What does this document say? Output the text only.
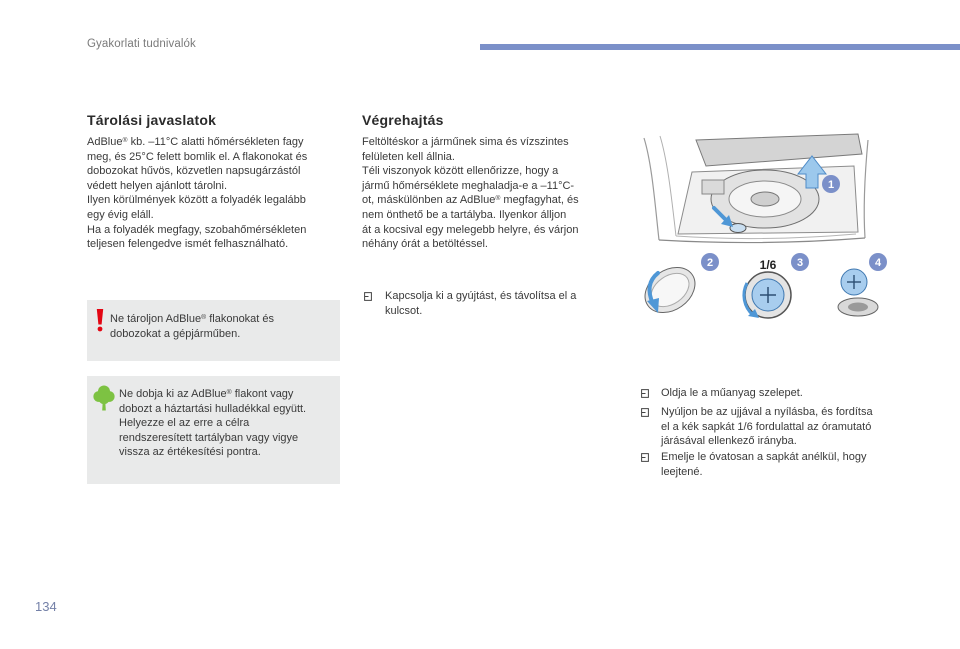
Gyakorlati tudnivalók
Tárolási javaslatok
AdBlue® kb. –11°C alatti hőmérsékleten fagy
meg, és 25°C felett bomlik el. A flakonokat és
dobozokat hűvös, közvetlen napsugárzástól
védett helyen ajánlott tárolni.
Ilyen körülmények között a folyadék legalább
egy évig eláll.
Ha a folyadék megfagy, szobahőmérsékleten
teljesen felengedve ismét felhasználható.
Ne tároljon AdBlue® flakonokat és
dobozokat a gépjárműben.
Ne dobja ki az AdBlue® flakont vagy
dobozt a háztartási hulladékkal együtt.
Helyezze el az erre a célra
rendszeresített tartályban vagy vigye
vissza az értékesítési pontra.
Végrehajtás
Feltöltéskor a járműnek sima és vízszintes
felületen kell állnia.
Téli viszonyok között ellenőrizze, hogy a
jármű hőmérséklete meghaladja-e a –11°C-
ot, máskülönben az AdBlue® megfagyhat, és
nem önthető be a tartályba. Ilyenkor álljon
át a kocsival egy melegebb helyre, és várjon
néhány órát a betöltéssel.
Kapcsolja ki a gyújtást, és távolítsa el a
kulcsot.
1
2	1/6 3	4
Oldja le a műanyag szelepet.
Nyúljon be az ujjával a nyílásba, és fordítsa
el a kék sapkát 1/6 fordulattal az óramutató
járásával ellenkező irányba.
Emelje le óvatosan a sapkát anélkül, hogy
leejtené.
134
